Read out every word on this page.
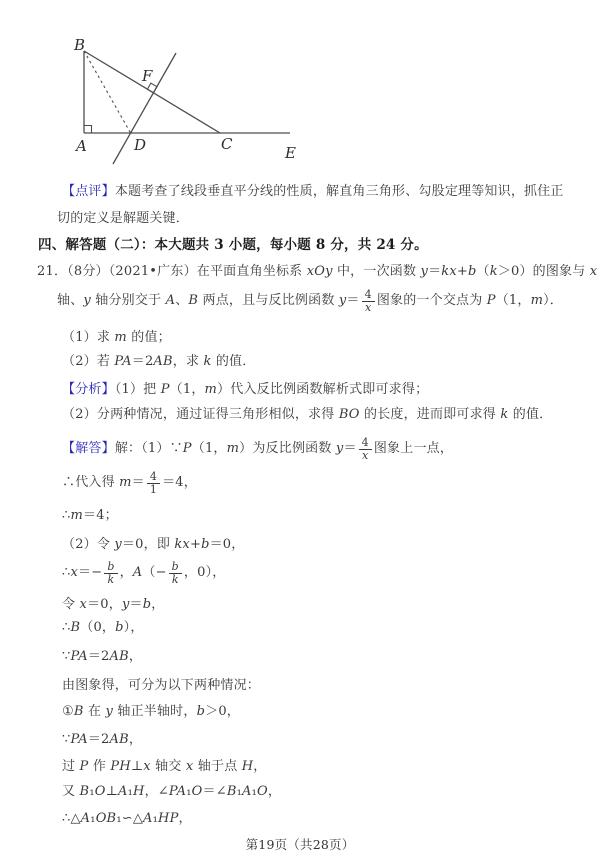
B
F
A	D	C	E
【点评】本题考查了线段垂直平分线的性质，解直角三角形、勾股定理等知识，抓住正
切的定义是解题关键．
四、解答题（二）：本大题共 3 小题，每小题 8 分，共 24 分。
21．（8分）（2021•广东）在平面直角坐标系 xOy 中，一次函数 y＝kx+b（k＞0）的图象与 x
轴、y 轴分别交于 A、B 两点，且与反比例函数 $y= \frac{4}{x}$ 图象的一个交点为 P（1，m）．
（1）求 m 的值；
（2）若 PA＝2AB，求 k 的值．
【分析】（1）把 P（1，m）代入反比例函数解析式即可求得；
（2）分两种情况，通过证得三角形相似，求得 BO 的长度，进而即可求得 k 的值．
【解答】 解：（1）∵P（1，m）为反比例函数 $y= \frac{4}{x}$ 图象上一点，
∴代入得 $m= \frac{4}{1} =4$，
∴m＝4；
（2）令 y＝0，即 kx+b＝0，
∴x＝− $\frac{b}{k}$ ，$A(- \frac{b}{k}$ ，0），
令 x＝0，y＝b，
∴B（0，b），
∵PA＝2AB，
由图象得，可分为以下两种情况：
①B 在 y 轴正半轴时，b＞0，
∵PA＝2AB，
过 P 作 PH⊥x 轴交 x 轴于点 H，
又 B₁O⊥A₁H，∠PA₁O＝∠B₁A₁O，
∴△A₁OB₁∽△A₁HP，
第19页（共28页）
